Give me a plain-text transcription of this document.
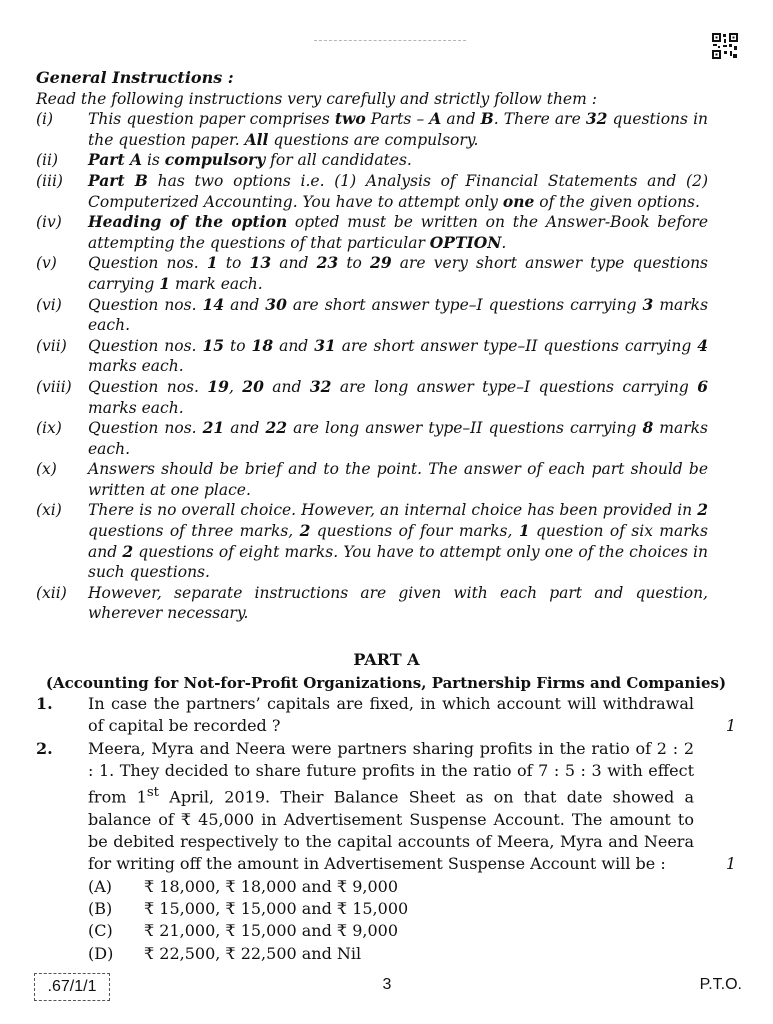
General Instructions :
Read the following instructions very carefully and strictly follow them :
(i)	This question paper comprises two Parts – A and B. There are 32 questions in the question paper. All questions are compulsory.
(ii)	Part A is compulsory for all candidates.
(iii)	Part B has two options i.e. (1) Analysis of Financial Statements and (2) Computerized Accounting. You have to attempt only one of the given options.
(iv)	Heading of the option opted must be written on the Answer-Book before attempting the questions of that particular OPTION.
(v)	Question nos. 1 to 13 and 23 to 29 are very short answer type questions carrying 1 mark each.
(vi)	Question nos. 14 and 30 are short answer type–I questions carrying 3 marks each.
(vii)	Question nos. 15 to 18 and 31 are short answer type–II questions carrying 4 marks each.
(viii)	Question nos. 19, 20 and 32 are long answer type–I questions carrying 6 marks each.
(ix)	Question nos. 21 and 22 are long answer type–II questions carrying 8 marks each.
(x)	Answers should be brief and to the point. The answer of each part should be written at one place.
(xi)	There is no overall choice. However, an internal choice has been provided in 2 questions of three marks, 2 questions of four marks, 1 question of six marks and 2 questions of eight marks. You have to attempt only one of the choices in such questions.
(xii)	However, separate instructions are given with each part and question, wherever necessary.
PART A
(Accounting for Not-for-Profit Organizations, Partnership Firms and Companies)
1.	In case the partners’ capitals are fixed, in which account will withdrawal of capital be recorded ?	1
2.	Meera, Myra and Neera were partners sharing profits in the ratio of 2 : 2 : 1. They decided to share future profits in the ratio of 7 : 5 : 3 with effect from 1st April, 2019. Their Balance Sheet as on that date showed a balance of ₹ 45,000 in Advertisement Suspense Account. The amount to be debited respectively to the capital accounts of Meera, Myra and Neera for writing off the amount in Advertisement Suspense Account will be :	1
(A)	₹ 18,000, ₹ 18,000 and ₹ 9,000
(B)	₹ 15,000, ₹ 15,000 and ₹ 15,000
(C)	₹ 21,000, ₹ 15,000 and ₹ 9,000
(D)	₹ 22,500, ₹ 22,500 and Nil
.67/1/1	3	P.T.O.
